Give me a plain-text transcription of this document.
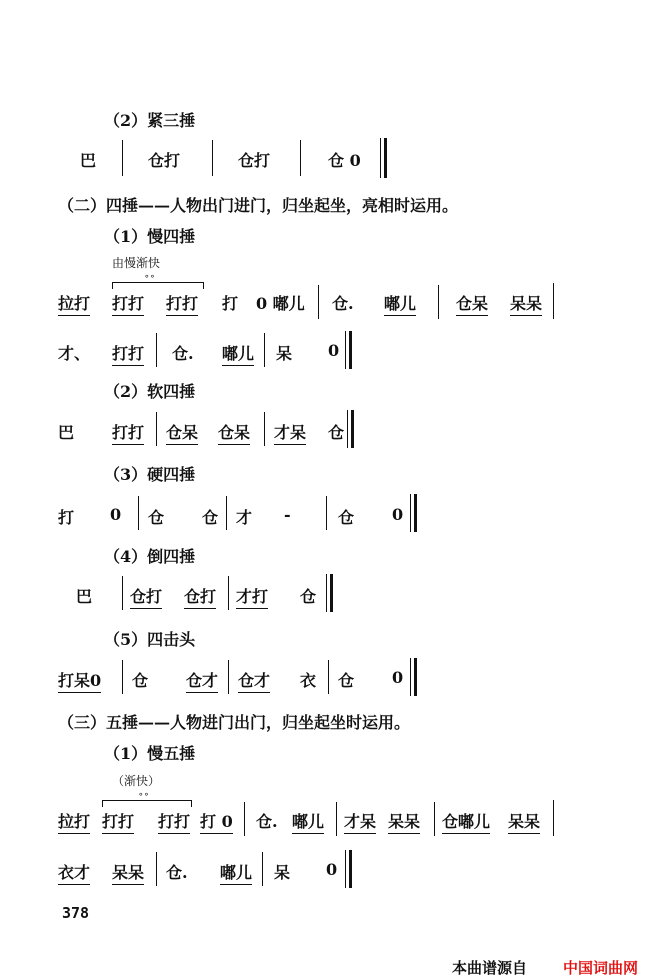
（2）紧三捶
巴	仓打	仓打	仓 0
（二）四捶——人物出门进门，归坐起坐，亮相时运用。
（1）慢四捶
由慢渐快
∘∘
拉打 打打 打打 打 0 嘟儿 仓. 嘟儿 仓呆 呆呆
才、 打打 仓. 嘟儿 呆 0
（2）软四捶
巴 打打 仓呆 仓呆 才呆 仓
（3）硬四捶
打 0 仓 仓 才 -	仓 0
（4）倒四捶
巴 仓打 仓打 才打 仓
（5）四击头
打呆0 仓 仓才 仓才 衣 仓 0
（三）五捶——人物进门出门，归坐起坐时运用。
（1）慢五捶
（渐快）
∘∘
拉打 打打 打打 打 0 仓. 嘟儿 才呆 呆呆 仓嘟儿 呆呆
衣才 呆呆 仓. 嘟儿 呆 0
378
本曲谱源自 中国词曲网
